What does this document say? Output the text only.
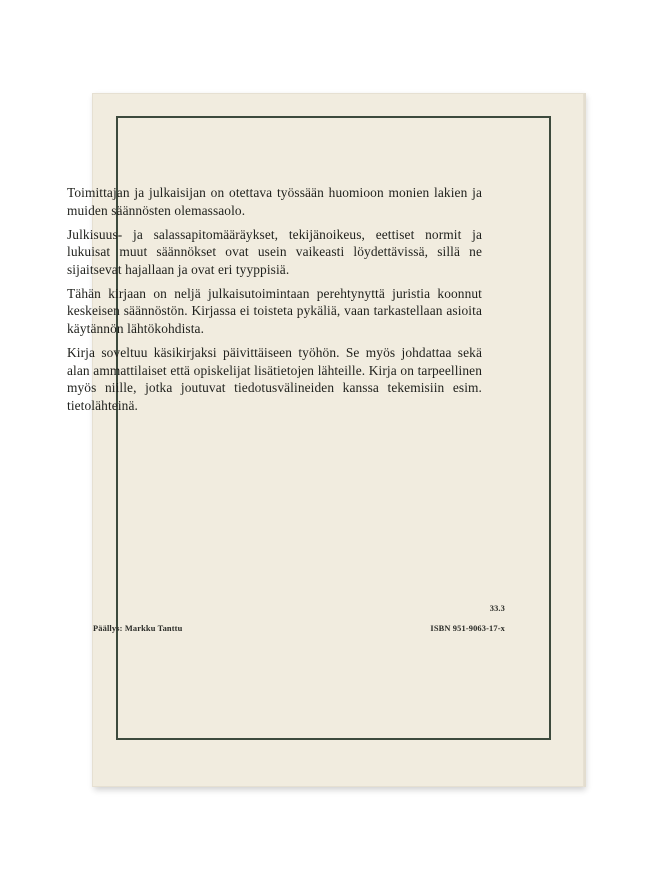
Toimittajan ja julkaisijan on otettava työssään huomioon monien lakien ja muiden säännösten olemassaolo.

Julkisuus- ja salassapitomääräykset, tekijänoikeus, eettiset normit ja lukuisat muut säännökset ovat usein vaikeasti löydettävissä, sillä ne sijaitsevat hajallaan ja ovat eri tyyppisiä.

Tähän kirjaan on neljä julkaisutoimintaan perehtynyttä juristia koonnut keskeisen säännöstön. Kirjassa ei toisteta pykäliä, vaan tarkastellaan asioita käytännön lähtökohdista.

Kirja soveltuu käsikirjaksi päivittäiseen työhön. Se myös johdattaa sekä alan ammattilaiset että opiskelijat lisätietojen lähteille. Kirja on tarpeellinen myös niille, jotka joutuvat tiedotusvälineiden kanssa tekemisiin esim. tietolähteinä.

33.3
Päällys: Markku Tanttu	ISBN 951-9063-17-x
